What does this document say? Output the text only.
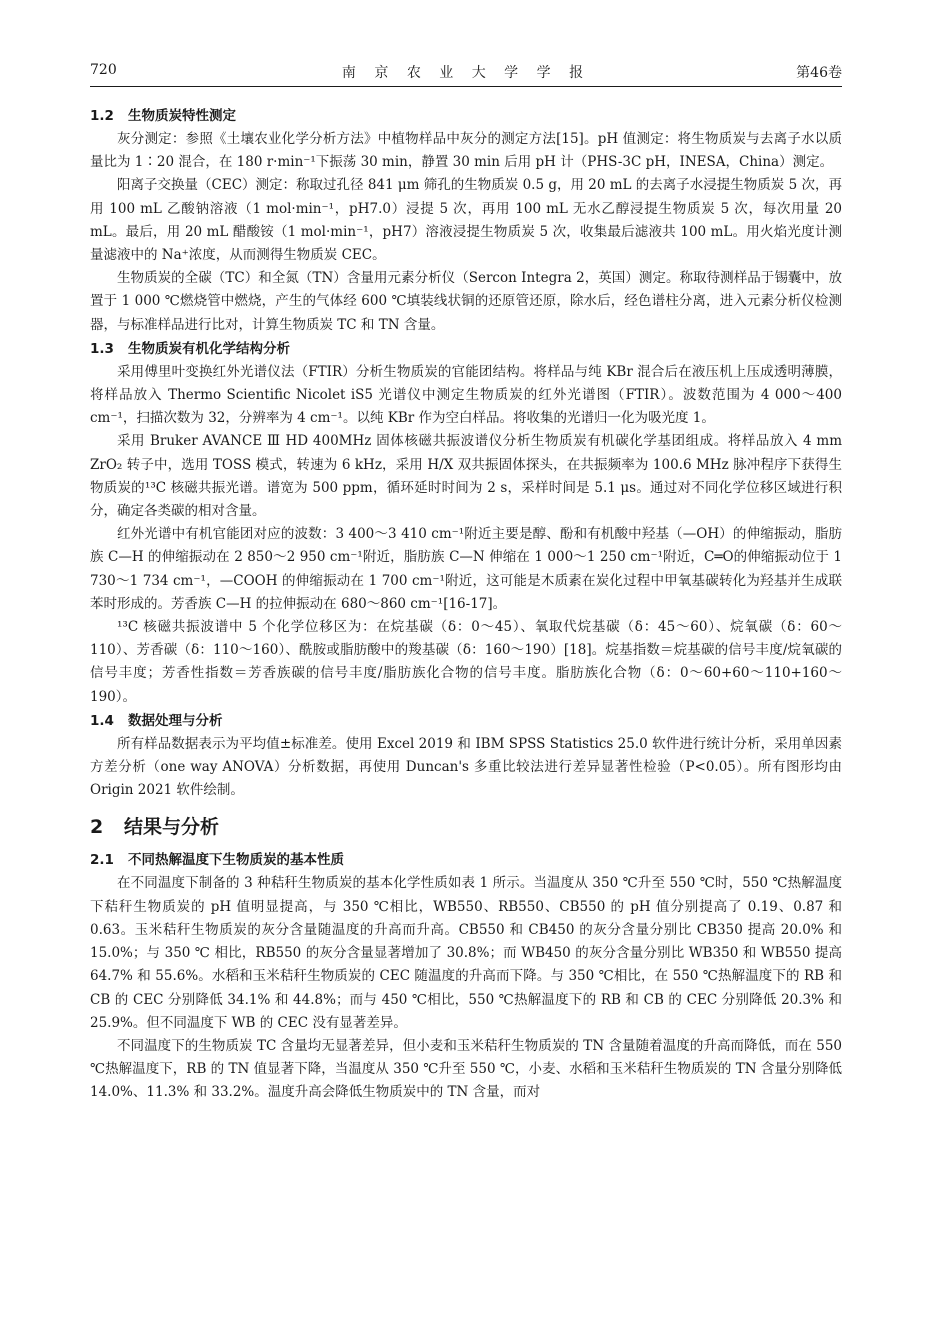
720	南 京 农 业 大 学 学 报	第46卷
1.2 生物质炭特性测定

灰分测定：参照《土壤农业化学分析方法》中植物样品中灰分的测定方法[15]。pH 值测定：将生物质炭与去离子水以质量比为 1∶20 混合，在 180 r·min⁻¹下振荡 30 min，静置 30 min 后用 pH 计（PHS-3C pH，INESA，China）测定。

阳离子交换量（CEC）测定：称取过孔径 841 μm 筛孔的生物质炭 0.5 g，用 20 mL 的去离子水浸提生物质炭 5 次，再用 100 mL 乙酸钠溶液（1 mol·min⁻¹，pH7.0）浸提 5 次，再用 100 mL 无水乙醇浸提生物质炭 5 次，每次用量 20 mL。最后，用 20 mL 醋酸铵（1 mol·min⁻¹，pH7）溶液浸提生物质炭 5 次，收集最后滤液共 100 mL。用火焰光度计测量滤液中的 Na⁺浓度，从而测得生物质炭 CEC。

生物质炭的全碳（TC）和全氮（TN）含量用元素分析仪（Sercon Integra 2，英国）测定。称取待测样品于锡囊中，放置于 1 000 ℃燃烧管中燃烧，产生的气体经 600 ℃填装线状铜的还原管还原，除水后，经色谱柱分离，进入元素分析仪检测器，与标准样品进行比对，计算生物质炭 TC 和 TN 含量。

1.3 生物质炭有机化学结构分析

采用傅里叶变换红外光谱仪法（FTIR）分析生物质炭的官能团结构。将样品与纯 KBr 混合后在液压机上压成透明薄膜，将样品放入 Thermo Scientific Nicolet iS5 光谱仪中测定生物质炭的红外光谱图（FTIR）。波数范围为 4 000～400 cm⁻¹，扫描次数为 32，分辨率为 4 cm⁻¹。以纯 KBr 作为空白样品。将收集的光谱归一化为吸光度 1。

采用 Bruker AVANCE Ⅲ HD 400MHz 固体核磁共振波谱仪分析生物质炭有机碳化学基团组成。将样品放入 4 mm ZrO₂ 转子中，选用 TOSS 模式，转速为 6 kHz，采用 H/X 双共振固体探头，在共振频率为 100.6 MHz 脉冲程序下获得生物质炭的¹³C 核磁共振光谱。谱宽为 500 ppm，循环延时时间为 2 s，采样时间是 5.1 μs。通过对不同化学位移区域进行积分，确定各类碳的相对含量。

红外光谱中有机官能团对应的波数：3 400～3 410 cm⁻¹附近主要是醇、酚和有机酸中羟基（—OH）的伸缩振动，脂肪族 C—H 的伸缩振动在 2 850～2 950 cm⁻¹附近，脂肪族 C—N 伸缩在 1 000～1 250 cm⁻¹附近，C═O的伸缩振动位于 1 730～1 734 cm⁻¹，—COOH 的伸缩振动在 1 700 cm⁻¹附近，这可能是木质素在炭化过程中甲氧基碳转化为羟基并生成联苯时形成的。芳香族 C—H 的拉伸振动在 680～860 cm⁻¹[16-17]。

¹³C 核磁共振波谱中 5 个化学位移区为：在烷基碳（δ：0～45）、氧取代烷基碳（δ：45～60）、烷氧碳（δ：60～110）、芳香碳（δ：110～160）、酰胺或脂肪酸中的羧基碳（δ：160～190）[18]。烷基指数＝烷基碳的信号丰度/烷氧碳的信号丰度；芳香性指数＝芳香族碳的信号丰度/脂肪族化合物的信号丰度。脂肪族化合物（δ：0～60+60～110+160～190）。

1.4 数据处理与分析

所有样品数据表示为平均值±标准差。使用 Excel 2019 和 IBM SPSS Statistics 25.0 软件进行统计分析，采用单因素方差分析（one way ANOVA）分析数据，再使用 Duncan's 多重比较法进行差异显著性检验（P<0.05）。所有图形均由 Origin 2021 软件绘制。

2 结果与分析
2.1 不同热解温度下生物质炭的基本性质

在不同温度下制备的 3 种秸秆生物质炭的基本化学性质如表 1 所示。当温度从 350 ℃升至 550 ℃时，550 ℃热解温度下秸秆生物质炭的 pH 值明显提高，与 350 ℃相比，WB550、RB550、CB550 的 pH 值分别提高了 0.19、0.87 和 0.63。玉米秸秆生物质炭的灰分含量随温度的升高而升高。CB550 和 CB450 的灰分含量分别比 CB350 提高 20.0% 和 15.0%；与 350 ℃ 相比，RB550 的灰分含量显著增加了 30.8%；而 WB450 的灰分含量分别比 WB350 和 WB550 提高 64.7% 和 55.6%。水稻和玉米秸秆生物质炭的 CEC 随温度的升高而下降。与 350 ℃相比，在 550 ℃热解温度下的 RB 和 CB 的 CEC 分别降低 34.1% 和 44.8%；而与 450 ℃相比，550 ℃热解温度下的 RB 和 CB 的 CEC 分别降低 20.3% 和 25.9%。但不同温度下 WB 的 CEC 没有显著差异。

不同温度下的生物质炭 TC 含量均无显著差异，但小麦和玉米秸秆生物质炭的 TN 含量随着温度的升高而降低，而在 550 ℃热解温度下，RB 的 TN 值显著下降，当温度从 350 ℃升至 550 ℃，小麦、水稻和玉米秸秆生物质炭的 TN 含量分别降低 14.0%、11.3% 和 33.2%。温度升高会降低生物质炭中的 TN 含量，而对
